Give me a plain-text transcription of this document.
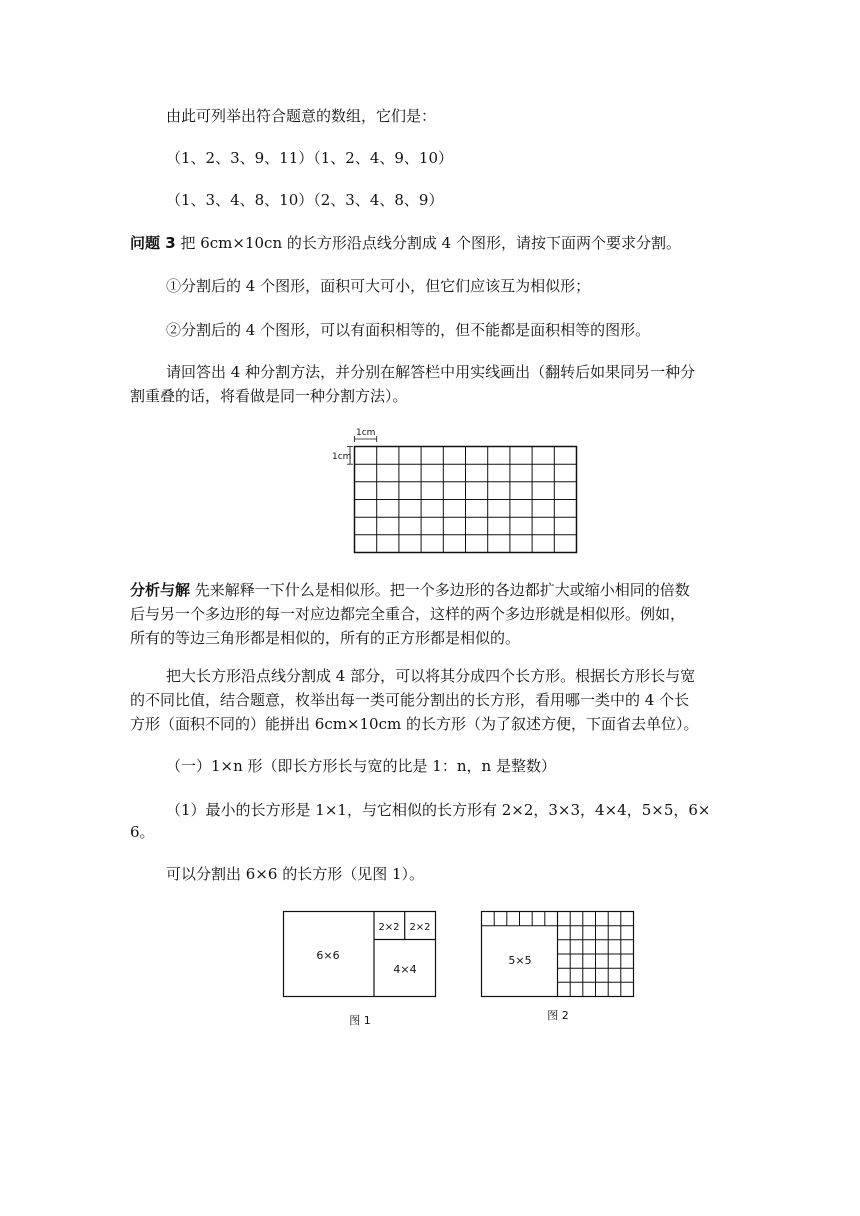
由此可列举出符合题意的数组，它们是：

（1、2、3、9、11）（1、2、4、9、10）

（1、3、4、8、10）（2、3、4、8、9）

问题 3 把 6cm×10cn 的长方形沿点线分割成 4 个图形，请按下面两个要求分割。

①分割后的 4 个图形，面积可大可小，但它们应该互为相似形；

②分割后的 4 个图形，可以有面积相等的，但不能都是面积相等的图形。

请回答出 4 种分割方法，并分别在解答栏中用实线画出（翻转后如果同另一种分

割重叠的话，将看做是同一种分割方法）。

1cm
1cm

分析与解 先来解释一下什么是相似形。把一个多边形的各边都扩大或缩小相同的倍数
后与另一个多边形的每一对应边都完全重合，这样的两个多边形就是相似形。例如，
所有的等边三角形都是相似的，所有的正方形都是相似的。

把大长方形沿点线分割成 4 部分，可以将其分成四个长方形。根据长方形长与宽

的不同比值，结合题意，枚举出每一类可能分割出的长方形，看用哪一类中的 4 个长

方形（面积不同的）能拼出 6cm×10cm 的长方形（为了叙述方便，下面省去单位）。

（一）1×n 形（即长方形长与宽的比是 1：n，n 是整数）

（1）最小的长方形是 1×1，与它相似的长方形有 2×2，3×3，4×4，5×5，6×

6。

可以分割出 6×6 的长方形（见图 1）。

6×6
2×2 2×2
4×4
图 1
5×5
图 2
